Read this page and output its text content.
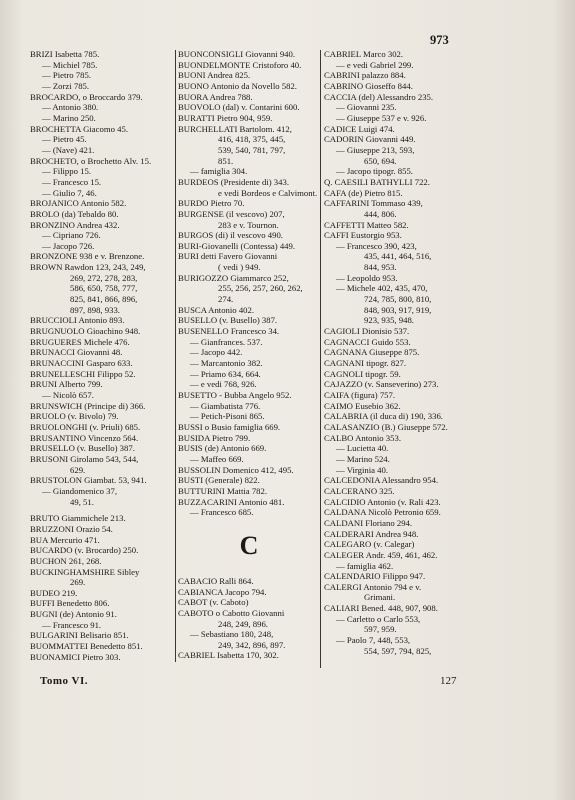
973
BRIZI Isabetta 785.
— Michiel 785.
— Pietro 785.
— Zorzi 785.
BROCARDO, o Broccardo 379.
— Antonio 380.
— Marino 250.
BROCHETTA Giacomo 45.
— Pietro 45.
— (Nave) 421.
BROCHETO, o Brochetto Alv. 15.
— Filippo 15.
— Francesco 15.
— Giulio 7, 46.
BROJANICO Antonio 582.
BROLO (da) Tebaldo 80.
BRONZINO Andrea 432.
— Cipriano 726.
— Jacopo 726.
BRONZONE 938 e v. Brenzone.
BROWN Rawdon 123, 243, 249,
269, 272, 278, 283,
586, 650, 758, 777,
825, 841, 866, 896,
897, 898, 933.
BRUCCIOLI Antonio 893.
BRUGNUOLO Gioachino 948.
BRUGUERES Michele 476.
BRUNACCI Giovanni 48.
BRUNACCINI Gasparo 633.
BRUNELLESCHI Filippo 52.
BRUNI Alberto 799.
— Nicolò 657.
BRUNSWICH (Principe di) 366.
BRUOLO (v. Bivolo) 79.
BRUOLONGHI (v. Priuli) 685.
BRUSANTINO Vincenzo 564.
BRUSELLO (v. Busello) 387.
BRUSONI Girolamo 543, 544,
629.
BRUSTOLON Giambat. 53, 941.
— Giandomenico 37,
49, 51.
BRUTO Giammichele 213.
BRUZZONI Orazio 54.
BUA Mercurio 471.
BUCARDO (v. Brocardo) 250.
BUCHON 261, 268.
BUCKINGHAMSHIRE Sibley
269.
BUDEO 219.
BUFFI Benedetto 806.
BUGNI (de) Antonio 91.
— Francesco 91.
BULGARINI Belisario 851.
BUOMMATTEI Benedetto 851.
BUONAMICI Pietro 303.
BUONCONSIGLI Giovanni 940.
BUONDELMONTE Cristoforo 40.
BUONI Andrea 825.
BUONO Antonio da Novello 582.
BUORA Andrea 788.
BUOVOLO (dal) v. Contarini 600.
BURATTI Pietro 904, 959.
BURCHELLATI Bartolom. 412,
416, 418, 375, 445,
539, 540, 781, 797,
851.
— famiglia 304.
BURDEOS (Presidente di) 343.
e vedi Bordeos e Calvimont.
BURDO Pietro 70.
BURGENSE (il vescovo) 207,
283 e v. Tournon.
BURGOS (di) il vescovo 490.
BURI-Giovanelli (Contessa) 449.
BURI detti Favero Giovanni
( vedi ) 949.
BURIGOZZO Giammarco 252,
255, 256, 257, 260, 262,
274.
BUSCA Antonio 402.
BUSELLO (v. Busello) 387.
BUSENELLO Francesco 34.
— Gianfrances. 537.
— Jacopo 442.
— Marcantonio 382.
— Priamo 634, 664.
— e vedi 768, 926.
BUSETTO - Bubba Angelo 952.
— Giambatista 776.
— Petich-Pisoni 865.
BUSSI o Busio famiglia 669.
BUSIDA Pietro 799.
BUSIS (de) Antonio 669.
— Maffeo 669.
BUSSOLIN Domenico 412, 495.
BUSTI (Generale) 822.
BUTTURINI Mattia 782.
BUZZACARINI Antonio 481.
— Francesco 685.
C
CABACIO Ralli 864.
CABIANCA Jacopo 794.
CABOT (v. Caboto)
CABOTO o Cabotto Giovanni
248, 249, 896.
— Sebastiano 180, 248,
249, 342, 896, 897.
CABRIEL Isabetta 170, 302.
CABRIEL Marco 302.
— e vedi Gabriel 299.
CABRINI palazzo 884.
CABRINO Gioseffo 844.
CACCIA (del) Alessandro 235.
— Giovanni 235.
— Giuseppe 537 e v. 926.
CADICE Luigi 474.
CADORIN Giovanni 449.
— Giuseppe 213, 593,
650, 694.
— Jacopo tipogr. 855.
Q. CAESILI BATHYLLI 722.
CAFA (de) Pietro 815.
CAFFARINI Tommaso 439,
444, 806.
CAFFETTI Matteo 582.
CAFFI Eustorgio 953.
— Francesco 390, 423,
435, 441, 464, 516,
844, 953.
— Leopoldo 953.
— Michele 402, 435, 470,
724, 785, 800, 810,
848, 903, 917, 919,
923, 935, 948.
CAGIOLI Dionisio 537.
CAGNACCI Guido 553.
CAGNANA Giuseppe 875.
CAGNANI tipogr. 827.
CAGNOLI tipogr. 59.
CAJAZZO (v. Sanseverino) 273.
CAIFA (figura) 757.
CAIMO Eusebio 362.
CALABRIA (il duca di) 190, 336.
CALASANZIO (B.) Giuseppe 572.
CALBO Antonio 353.
— Lucietta 40.
— Marino 524.
— Virginia 40.
CALCEDONIA Alessandro 954.
CALCERANO 325.
CALCIDIO Antonio (v. Rali 423.
CALDANA Nicolò Petronio 659.
CALDANI Floriano 294.
CALDERARI Andrea 948.
CALEGARO (v. Calegar)
CALEGER Andr. 459, 461, 462.
— famiglia 462.
CALENDARIO Filippo 947.
CALERGI Antonio 794 e v.
Grimani.
CALIARI Bened. 448, 907, 908.
— Carletto o Carlo 553,
597, 959.
— Paolo 7, 448, 553,
554, 597, 794, 825,
Tomo VI.	127
